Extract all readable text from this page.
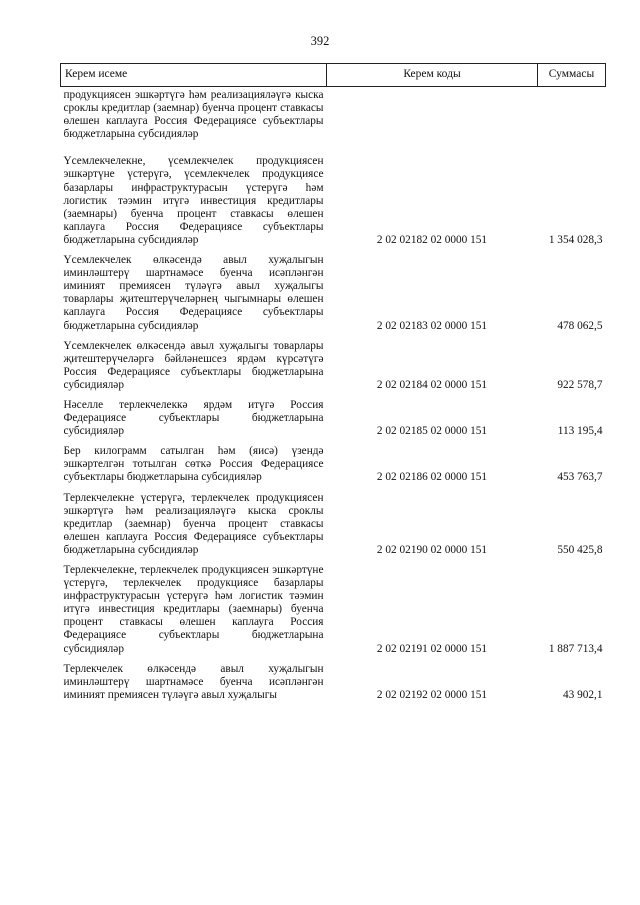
392
Керем исеме	Керем коды	Суммасы
продукциясен эшкәртүгә һәм реализацияләүгә кыска сроклы кредитлар (заемнар) буенча процент ставкасы өлешен каплауга Россия Федерациясе субъектлары бюджетларына субсидияләр		
Үсемлекчелекне, үсемлекчелек продукциясен эшкәртүне үстерүгә, үсемлекчелек продукциясе базарлары инфраструктурасын үстерүгә һәм логистик тәэмин итүгә инвестиция кредитлары (заемнары) буенча процент ставкасы өлешен каплауга Россия Федерациясе субъектлары бюджетларына субсидияләр	2 02 02182 02 0000 151	1 354 028,3
Үсемлекчелек өлкәсендә авыл хуҗалыгын иминләштерү шартнамәсе буенча исәпләнгән иминият премиясен түләүгә авыл хуҗалыгы товарлары җитештерүчеләрнең чыгымнары өлешен каплауга Россия Федерациясе субъектлары бюджетларына субсидияләр	2 02 02183 02 0000 151	478 062,5
Үсемлекчелек өлкәсендә авыл хуҗалыгы товарлары җитештерүчеләргә бәйләнешсез ярдәм күрсәтүгә Россия Федерациясе субъектлары бюджетларына субсидияләр	2 02 02184 02 0000 151	922 578,7
Нәселле терлекчелеккә ярдәм итүгә Россия Федерациясе субъектлары бюджетларына субсидияләр	2 02 02185 02 0000 151	113 195,4
Бер килограмм сатылган һәм (яисә) үзендә эшкәртелгән тотылган сөткә Россия Федерациясе субъектлары бюджетларына субсидияләр	2 02 02186 02 0000 151	453 763,7
Терлекчелекне үстерүгә, терлекчелек продукциясен эшкәртүгә һәм реализацияләүгә кыска сроклы кредитлар (заемнар) буенча процент ставкасы өлешен каплауга Россия Федерациясе субъектлары бюджетларына субсидияләр	2 02 02190 02 0000 151	550 425,8
Терлекчелекне, терлекчелек продукциясен эшкәртүне үстерүгә, терлекчелек продукциясе базарлары инфраструктурасын үстерүгә һәм логистик тәэмин итүгә инвестиция кредитлары (заемнары) буенча процент ставкасы өлешен каплауга Россия Федерациясе субъектлары бюджетларына субсидияләр	2 02 02191 02 0000 151	1 887 713,4
Терлекчелек өлкәсендә авыл хуҗалыгын иминләштерү шартнамәсе буенча исәпләнгән иминият премиясен түләүгә авыл хуҗалыгы	2 02 02192 02 0000 151	43 902,1
